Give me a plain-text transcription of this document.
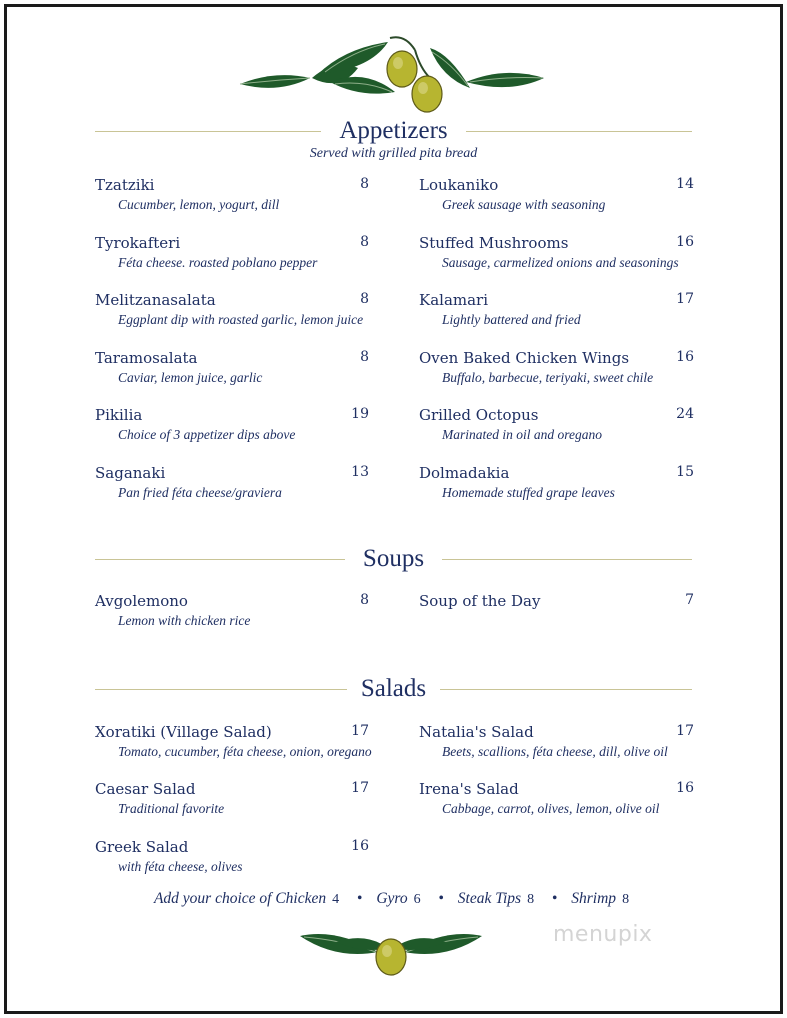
Appetizers
Served with grilled pita bread
Tzatziki	8
Cucumber, lemon, yogurt, dill
Tyrokafteri	8
Féta cheese. roasted poblano pepper
Melitzanasalata	8
Eggplant dip with roasted garlic, lemon juice
Taramosalata	8
Caviar, lemon juice, garlic
Pikilia	19
Choice of 3 appetizer dips above
Saganaki	13
Pan fried féta cheese/graviera
Loukaniko	14
Greek sausage with seasoning
Stuffed Mushrooms	16
Sausage, carmelized onions and seasonings
Kalamari	17
Lightly battered and fried
Oven Baked Chicken Wings	16
Buffalo, barbecue, teriyaki, sweet chile
Grilled Octopus	24
Marinated in oil and oregano
Dolmadakia	15
Homemade stuffed grape leaves
Soups
Avgolemono	8
Lemon with chicken rice
Soup of the Day	7
Salads
Xoratiki (Village Salad)	17
Tomato, cucumber, féta cheese, onion, oregano
Caesar Salad	17
Traditional favorite
Greek Salad	16
with féta cheese, olives
Natalia's Salad	17
Beets, scallions, féta cheese, dill, olive oil
Irena's Salad	16
Cabbage, carrot, olives, lemon, olive oil
Add your choice of Chicken 4 • Gyro 6 • Steak Tips 8 • Shrimp 8
menupix
